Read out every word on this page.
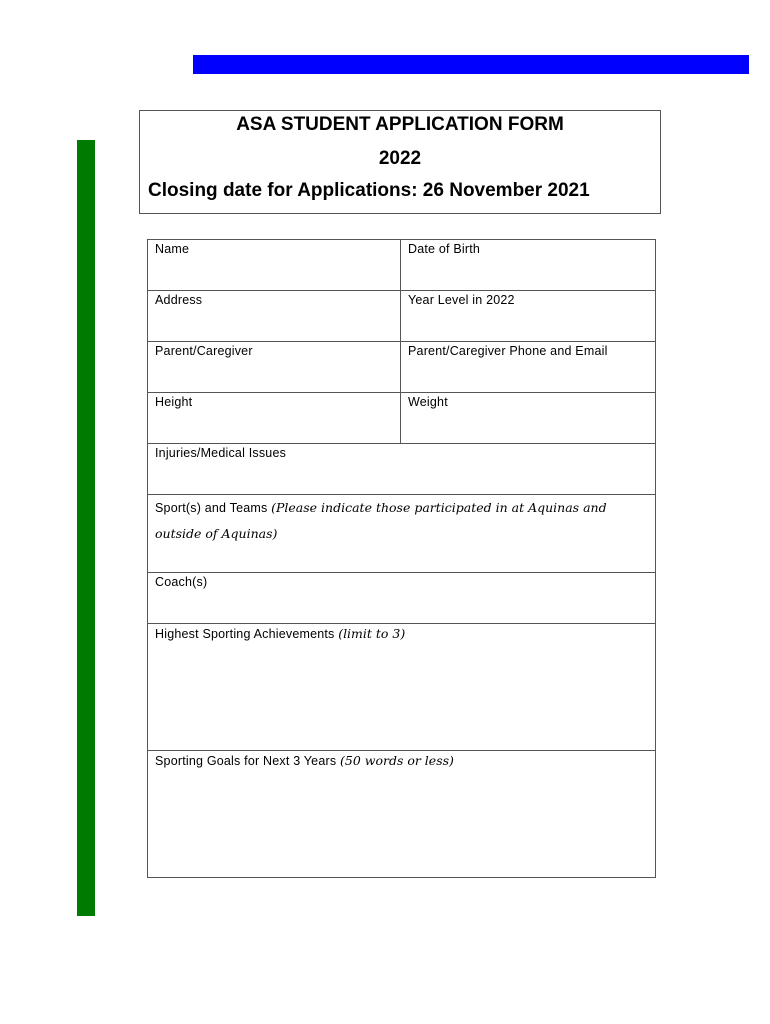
ASA STUDENT APPLICATION FORM
2022
Closing date for Applications: 26 November 2021
Name	Date of Birth
Address	Year Level in 2022
Parent/Caregiver	Parent/Caregiver Phone and Email
Height	Weight
Injuries/Medical Issues	
Sport(s) and Teams (Please indicate those participated in at Aquinas and outside of Aquinas)	
Coach(s)	
Highest Sporting Achievements (limit to 3)	
Sporting Goals for Next 3 Years (50 words or less)	
